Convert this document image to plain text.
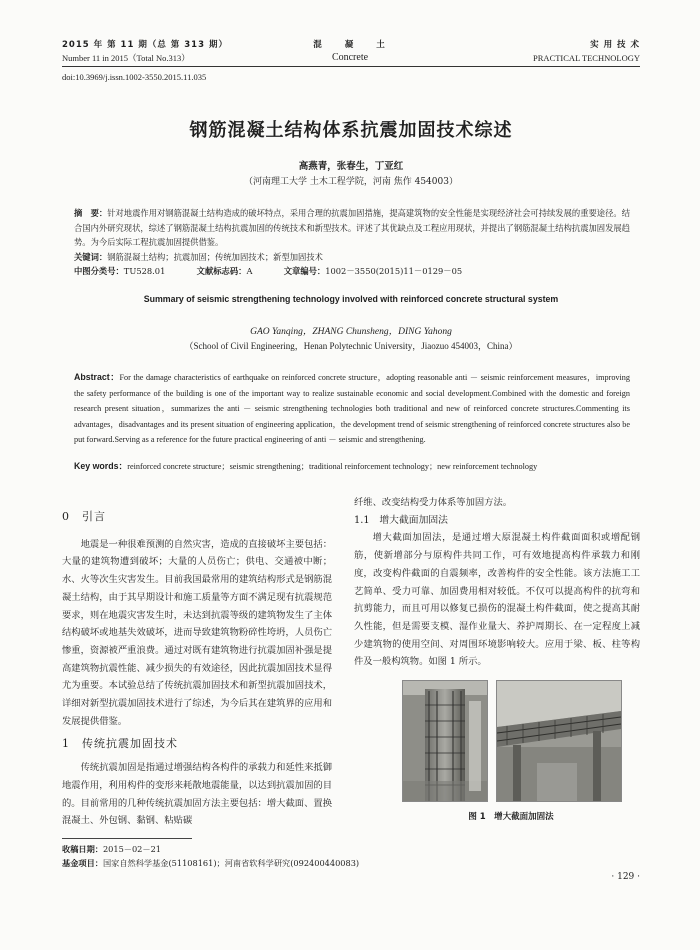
2015 年 第 11 期（总 第 313 期）
Number 11 in 2015（Total No.313）
混　　凝　　土
Concrete
实 用 技 术
PRACTICAL TECHNOLOGY
doi:10.3969/j.issn.1002-3550.2015.11.035
钢筋混凝土结构体系抗震加固技术综述
高燕青，张春生，丁亚红
（河南理工大学 土木工程学院，河南 焦作 454003）
摘　要：针对地震作用对钢筋混凝土结构造成的破坏特点，采用合理的抗震加固措施，提高建筑物的安全性能是实现经济社会可持续发展的重要途径。结合国内外研究现状，综述了钢筋混凝土结构抗震加固的传统技术和新型技术。评述了其优缺点及工程应用现状，并提出了钢筋混凝土结构抗震加固发展趋势。为今后实际工程抗震加固提供借鉴。
关键词：钢筋混凝土结构；抗震加固；传统加固技术；新型加固技术
中图分类号：TU528.01	文献标志码：A	文章编号：1002－3550(2015)11－0129－05
Summary of seismic strengthening technology involved with reinforced concrete structural system
GAO Yanqing，ZHANG Chunsheng，DING Yahong
（School of Civil Engineering，Henan Polytechnic University，Jiaozuo 454003，China）
Abstract：For the damage characteristics of earthquake on reinforced concrete structure，adopting reasonable anti － seismic reinforcement measures，improving the safety performance of the building is one of the important way to realize sustainable economic and social development.Combined with the domestic and foreign research present situation，summarizes the anti － seismic strengthening technologies both traditional and new of reinforced concrete structures.Commenting its advantages，disadvantages and its present situation of engineering application，the development trend of seismic strengthening of reinforced concrete structures also be put forward.Serving as a reference for the future practical engineering of anti － seismic and strengthening.
Key words：reinforced concrete structure；seismic strengthening；traditional reinforcement technology；new reinforcement technology
0　引言

地震是一种很难预测的自然灾害，造成的直接破坏主要包括：大量的建筑物遭到破坏；大量的人员伤亡；供电、交通被中断；水、火等次生灾害发生。目前我国最常用的建筑结构形式是钢筋混凝土结构，由于其早期设计和施工质量等方面不满足现有抗震规范要求，则在地震灾害发生时，未达到抗震等级的建筑物发生了主体结构破坏或地基失效破坏，进而导致建筑物粉碎性垮坍，人员伤亡惨重，资源被严重浪费。通过对既有建筑物进行抗震加固补强是提高建筑物抗震性能、减少损失的有效途径，因此抗震加固技术显得尤为重要。本试验总结了传统抗震加固技术和新型抗震加固技术，详细对新型抗震加固技术进行了综述，为今后其在建筑界的应用和发展提供借鉴。

1　传统抗震加固技术

传统抗震加固是指通过增强结构各构件的承载力和延性来抵御地震作用，利用构件的变形来耗散地震能量，以达到抗震加固的目的。目前常用的几种传统抗震加固方法主要包括：增大截面、置换混凝土、外包钢、黏钢、粘贴碳

收稿日期：2015－02－21
基金项目：国家自然科学基金(51108161)；河南省软科学研究(092400440083)

纤维、改变结构受力体系等加固方法。

1.1　增大截面加固法

增大截面加固法，是通过增大原混凝土构件截面面积或增配钢筋，使新增部分与原构件共同工作，可有效地提高构件承载力和刚度，改变构件截面的自震频率，改善构件的安全性能。该方法施工工艺简单、受力可靠、加固费用相对较低。不仅可以提高构件的抗弯和抗剪能力，而且可用以修复已损伤的混凝土构件截面，使之提高其耐久性能，但是需要支模、湿作业量大、养护周期长、在一定程度上减少建筑物的使用空间、对周围环境影响较大。应用于梁、板、柱等构件及一般构筑物。如图 1 所示。

图 1　增大截面加固法
· 129 ·
